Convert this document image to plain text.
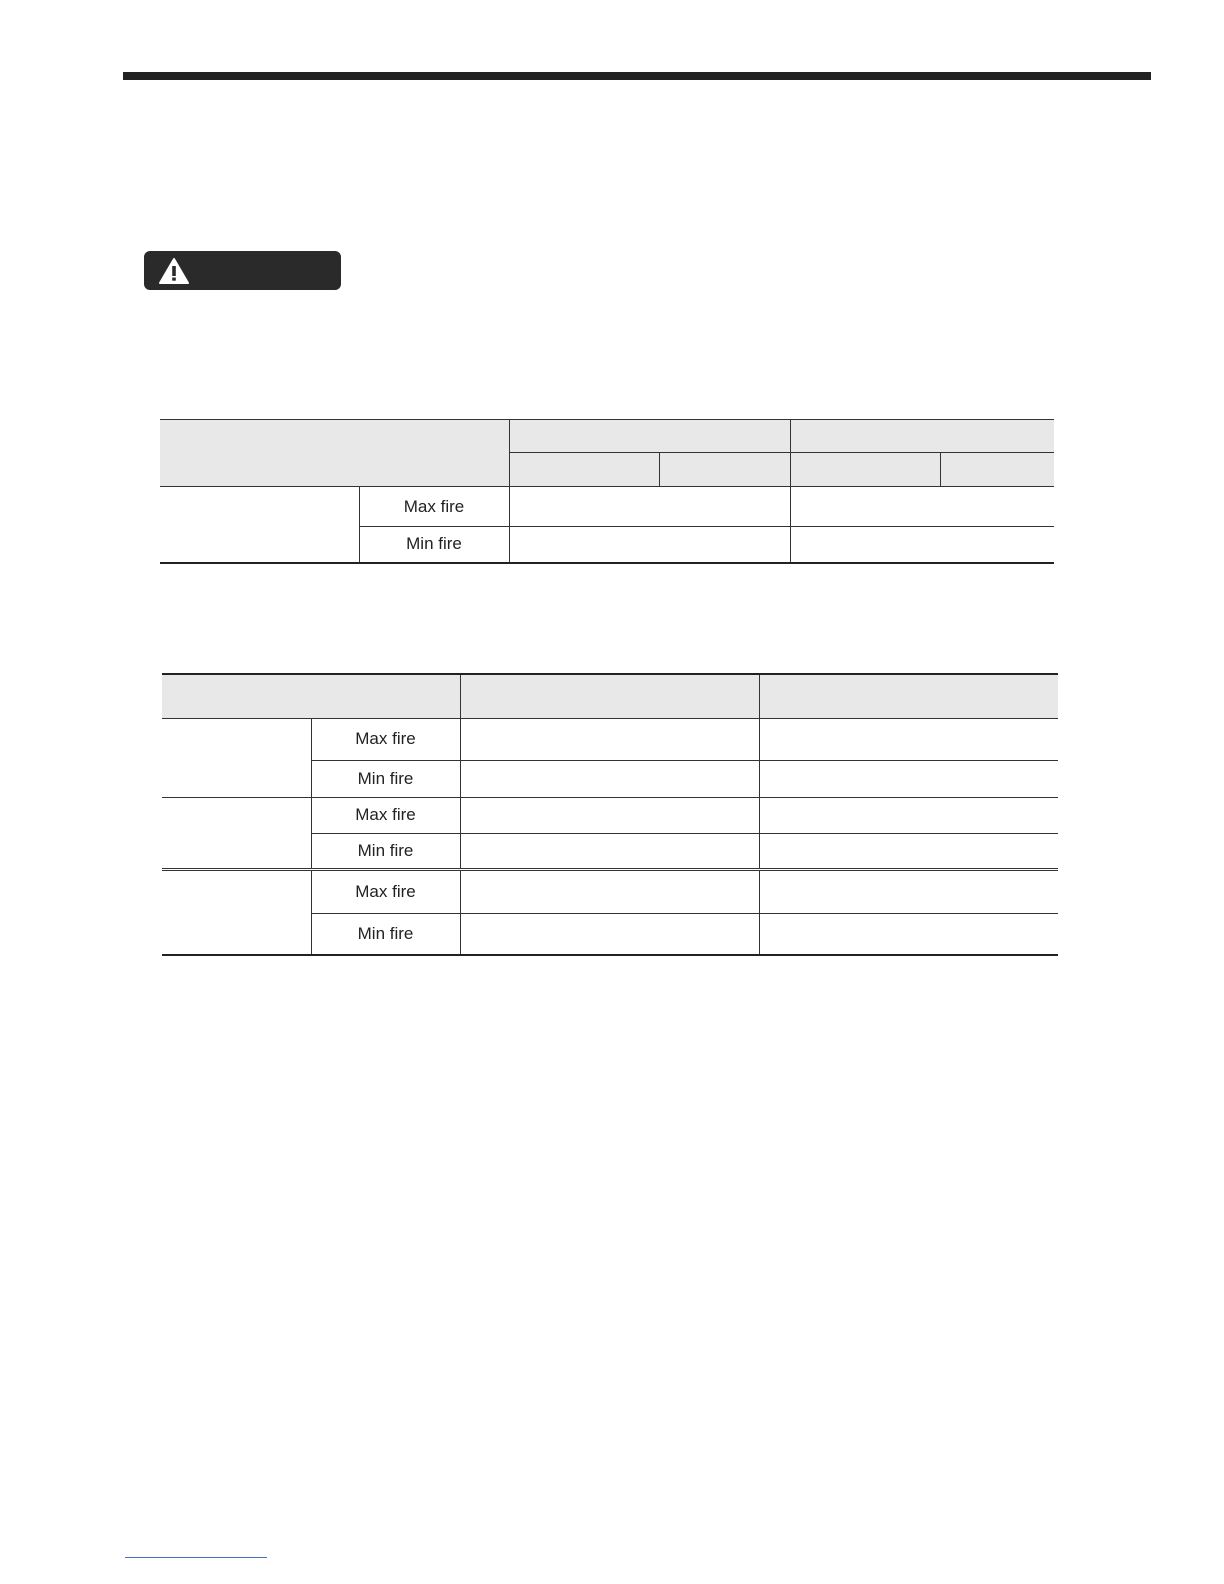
	Max fire				
	Min fire				

	Max fire		
	Min fire		
	Max fire		
	Min fire		
	Max fire		
	Min fire		
